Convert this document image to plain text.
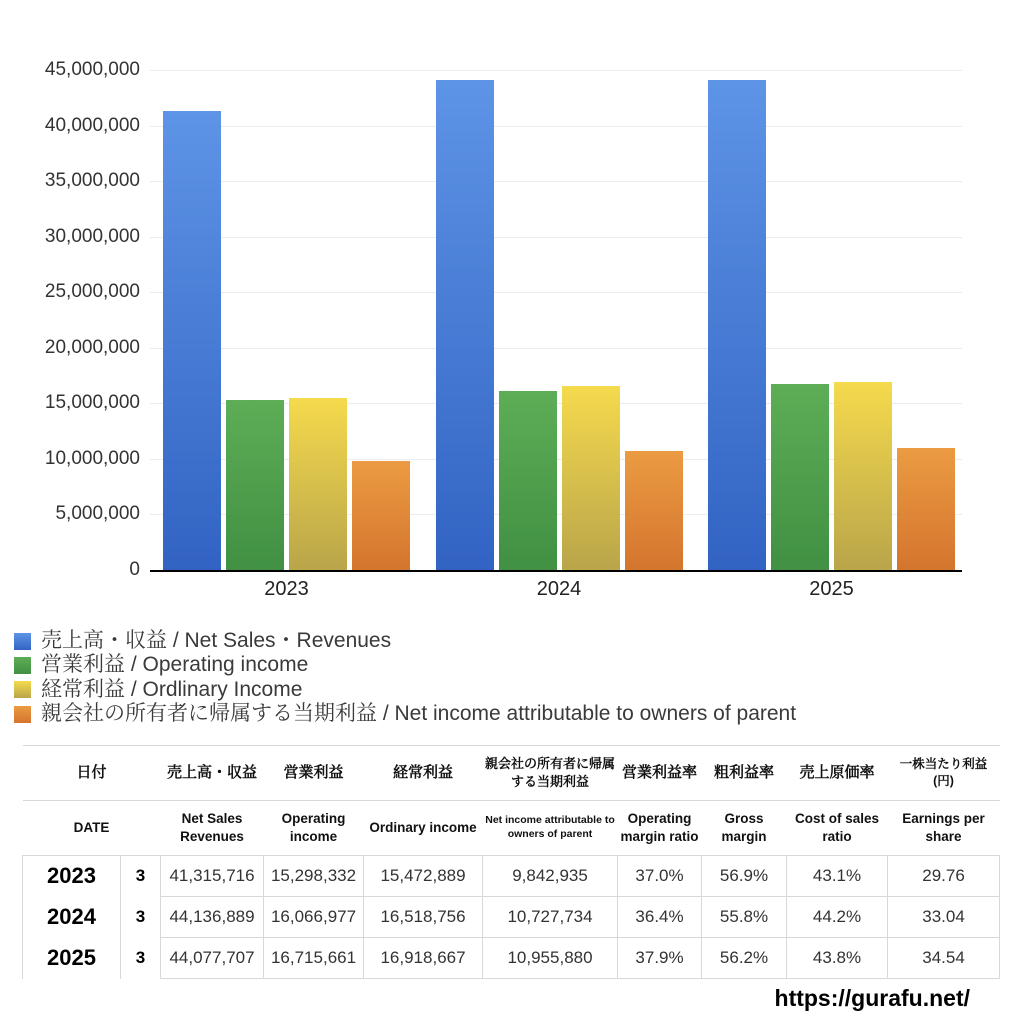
45,000,000
40,000,000
35,000,000
30,000,000
25,000,000
20,000,000
15,000,000
10,000,000
5,000,000
0
2023	2024	2025
売上高・収益 / Net Sales・Revenues
営業利益 / Operating income
経常利益 / Ordlinary Income
親会社の所有者に帰属する当期利益 / Net income attributable to owners of parent
日付		売上高・収益	営業利益	経常利益	親会社の所有者に帰属する当期利益	営業利益率	粗利益率	売上原価率	一株当たり利益(円)
DATE		Net Sales Revenues	Operating income	Ordinary income	Net income attributable to owners of parent	Operating margin ratio	Gross margin	Cost of sales ratio	Earnings per share
2023	3	41,315,716	15,298,332	15,472,889	9,842,935	37.0%	56.9%	43.1%	29.76
2024	3	44,136,889	16,066,977	16,518,756	10,727,734	36.4%	55.8%	44.2%	33.04
2025	3	44,077,707	16,715,661	16,918,667	10,955,880	37.9%	56.2%	43.8%	34.54
https://gurafu.net/
